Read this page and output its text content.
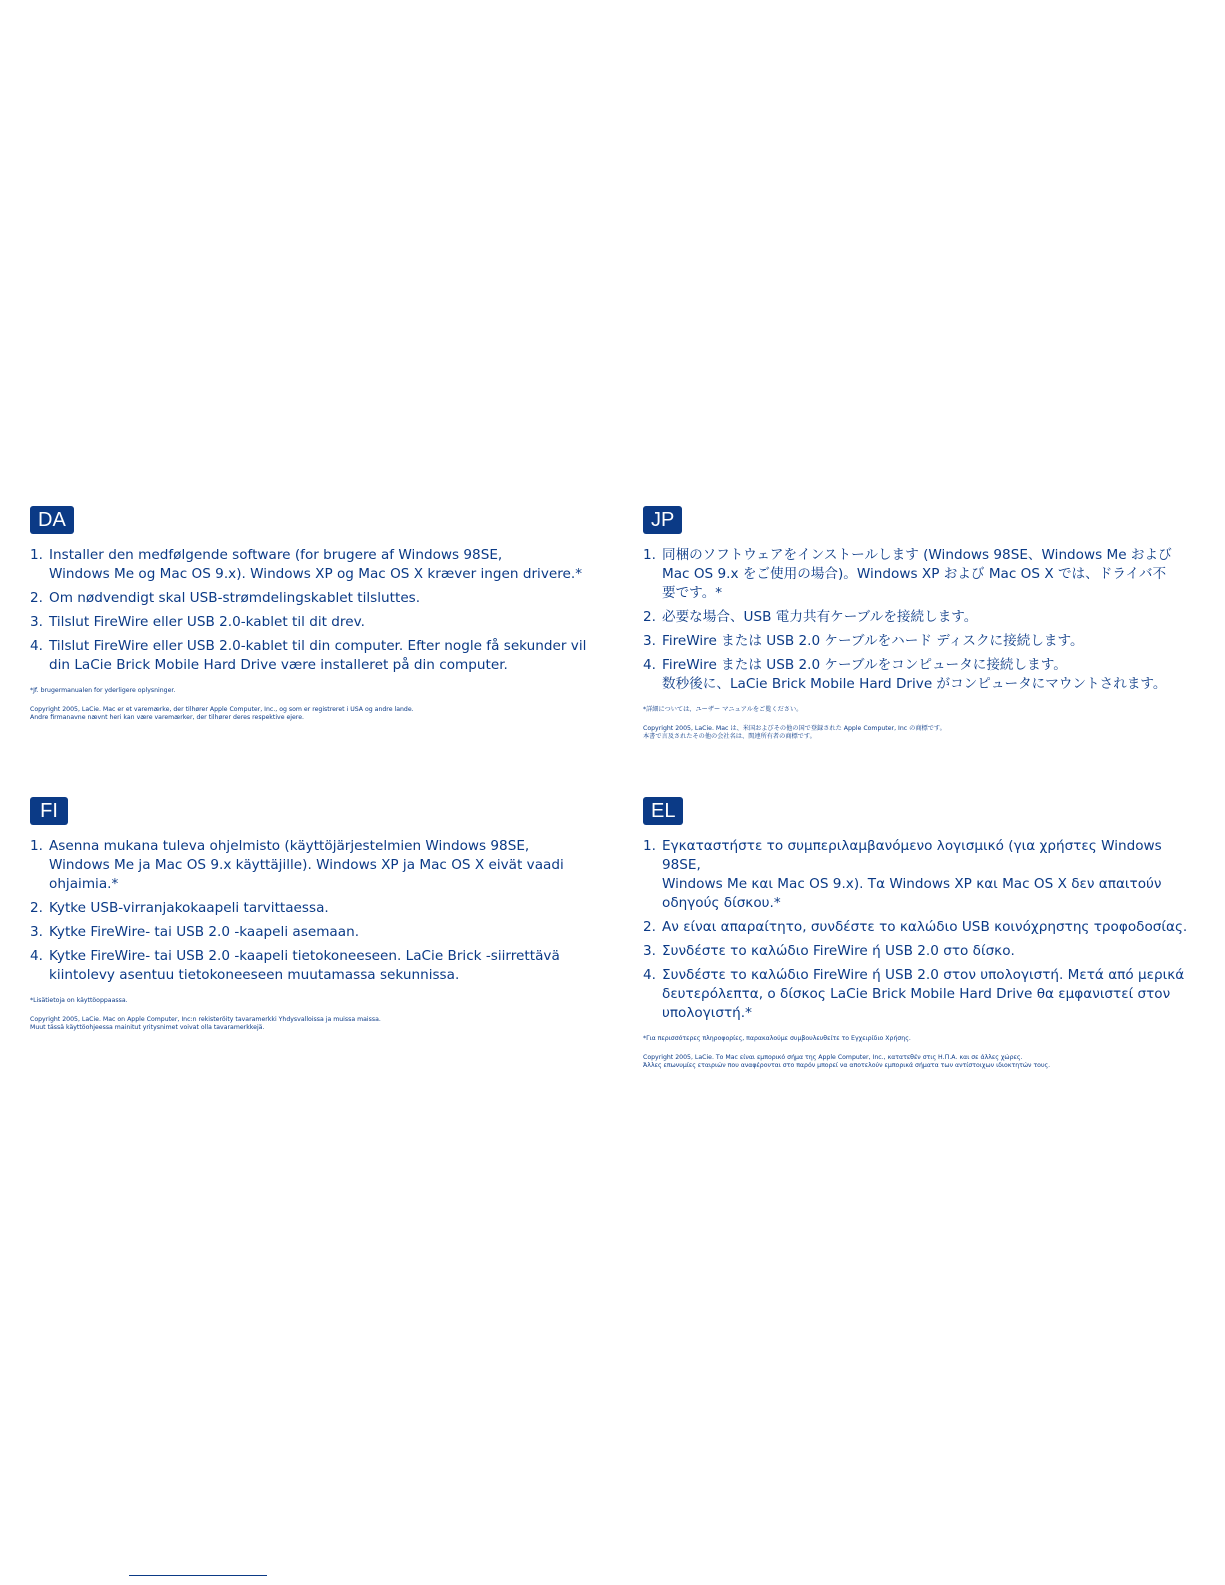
DA
1. Installer den medfølgende software (for brugere af Windows 98SE,
Windows Me og Mac OS 9.x). Windows XP og Mac OS X kræver ingen drivere.*
2. Om nødvendigt skal USB-strømdelingskablet tilsluttes.
3. Tilslut FireWire eller USB 2.0-kablet til dit drev.
4. Tilslut FireWire eller USB 2.0-kablet til din computer. Efter nogle få sekunder vil
din LaCie Brick Mobile Hard Drive være installeret på din computer.
*Jf. brugermanualen for yderligere oplysninger.
Copyright 2005, LaCie. Mac er et varemærke, der tilhører Apple Computer, Inc., og som er registreret i USA og andre lande.
Andre firmanavne nævnt heri kan være varemærker, der tilhører deres respektive ejere.
JP
1. 同梱のソフトウェアをインストールします (Windows 98SE、Windows Me および
Mac OS 9.x をご使用の場合)。Windows XP および Mac OS X では、ドライバ不
要です。*
2. 必要な場合、USB 電力共有ケーブルを接続します。
3. FireWire または USB 2.0 ケーブルをハード ディスクに接続します。
4. FireWire または USB 2.0 ケーブルをコンピュータに接続します。
数秒後に、LaCie Brick Mobile Hard Drive がコンピュータにマウントされます。
*詳細については、ユーザー マニュアルをご覧ください。
Copyright 2005, LaCie. Mac は、米国およびその他の国で登録された Apple Computer, Inc の商標です。
本書で言及されたその他の会社名は、関連所有者の商標です。
FI
1. Asenna mukana tuleva ohjelmisto (käyttöjärjestelmien Windows 98SE,
Windows Me ja Mac OS 9.x käyttäjille). Windows XP ja Mac OS X eivät vaadi
ohjaimia.*
2. Kytke USB-virranjakokaapeli tarvittaessa.
3. Kytke FireWire- tai USB 2.0 -kaapeli asemaan.
4. Kytke FireWire- tai USB 2.0 -kaapeli tietokoneeseen. LaCie Brick -siirrettävä
kiintolevy asentuu tietokoneeseen muutamassa sekunnissa.
*Lisätietoja on käyttöoppaassa.
Copyright 2005, LaCie. Mac on Apple Computer, Inc:n rekisteröity tavaramerkki Yhdysvalloissa ja muissa maissa.
Muut tässä käyttöohjeessa mainitut yritysnimet voivat olla tavaramerkkejä.
EL
1. Εγκαταστήστε το συμπεριλαμβανόμενο λογισμικό (για χρήστες Windows 98SE,
Windows Me και Mac OS 9.x). Τα Windows XP και Mac OS X δεν απαιτούν
οδηγούς δίσκου.*
2. Αν είναι απαραίτητο, συνδέστε το καλώδιο USB κοινόχρηστης τροφοδοσίας.
3. Συνδέστε το καλώδιο FireWire ή USB 2.0 στο δίσκο.
4. Συνδέστε το καλώδιο FireWire ή USB 2.0 στον υπολογιστή. Μετά από μερικά
δευτερόλεπτα, ο δίσκος LaCie Brick Mobile Hard Drive θα εμφανιστεί στον
υπολογιστή.*
*Για περισσότερες πληροφορίες, παρακαλούμε συμβουλευθείτε το Εγχειρίδιο Χρήσης.
Copyright 2005, LaCie. Το Mac είναι εμπορικό σήμα της Apple Computer, Inc., κατατεθέν στις Η.Π.Α. και σε άλλες χώρες.
Άλλες επωνυμίες εταιριών που αναφέρονται στο παρόν μπορεί να αποτελούν εμπορικά σήματα των αντίστοιχων ιδιοκτητών τους.
